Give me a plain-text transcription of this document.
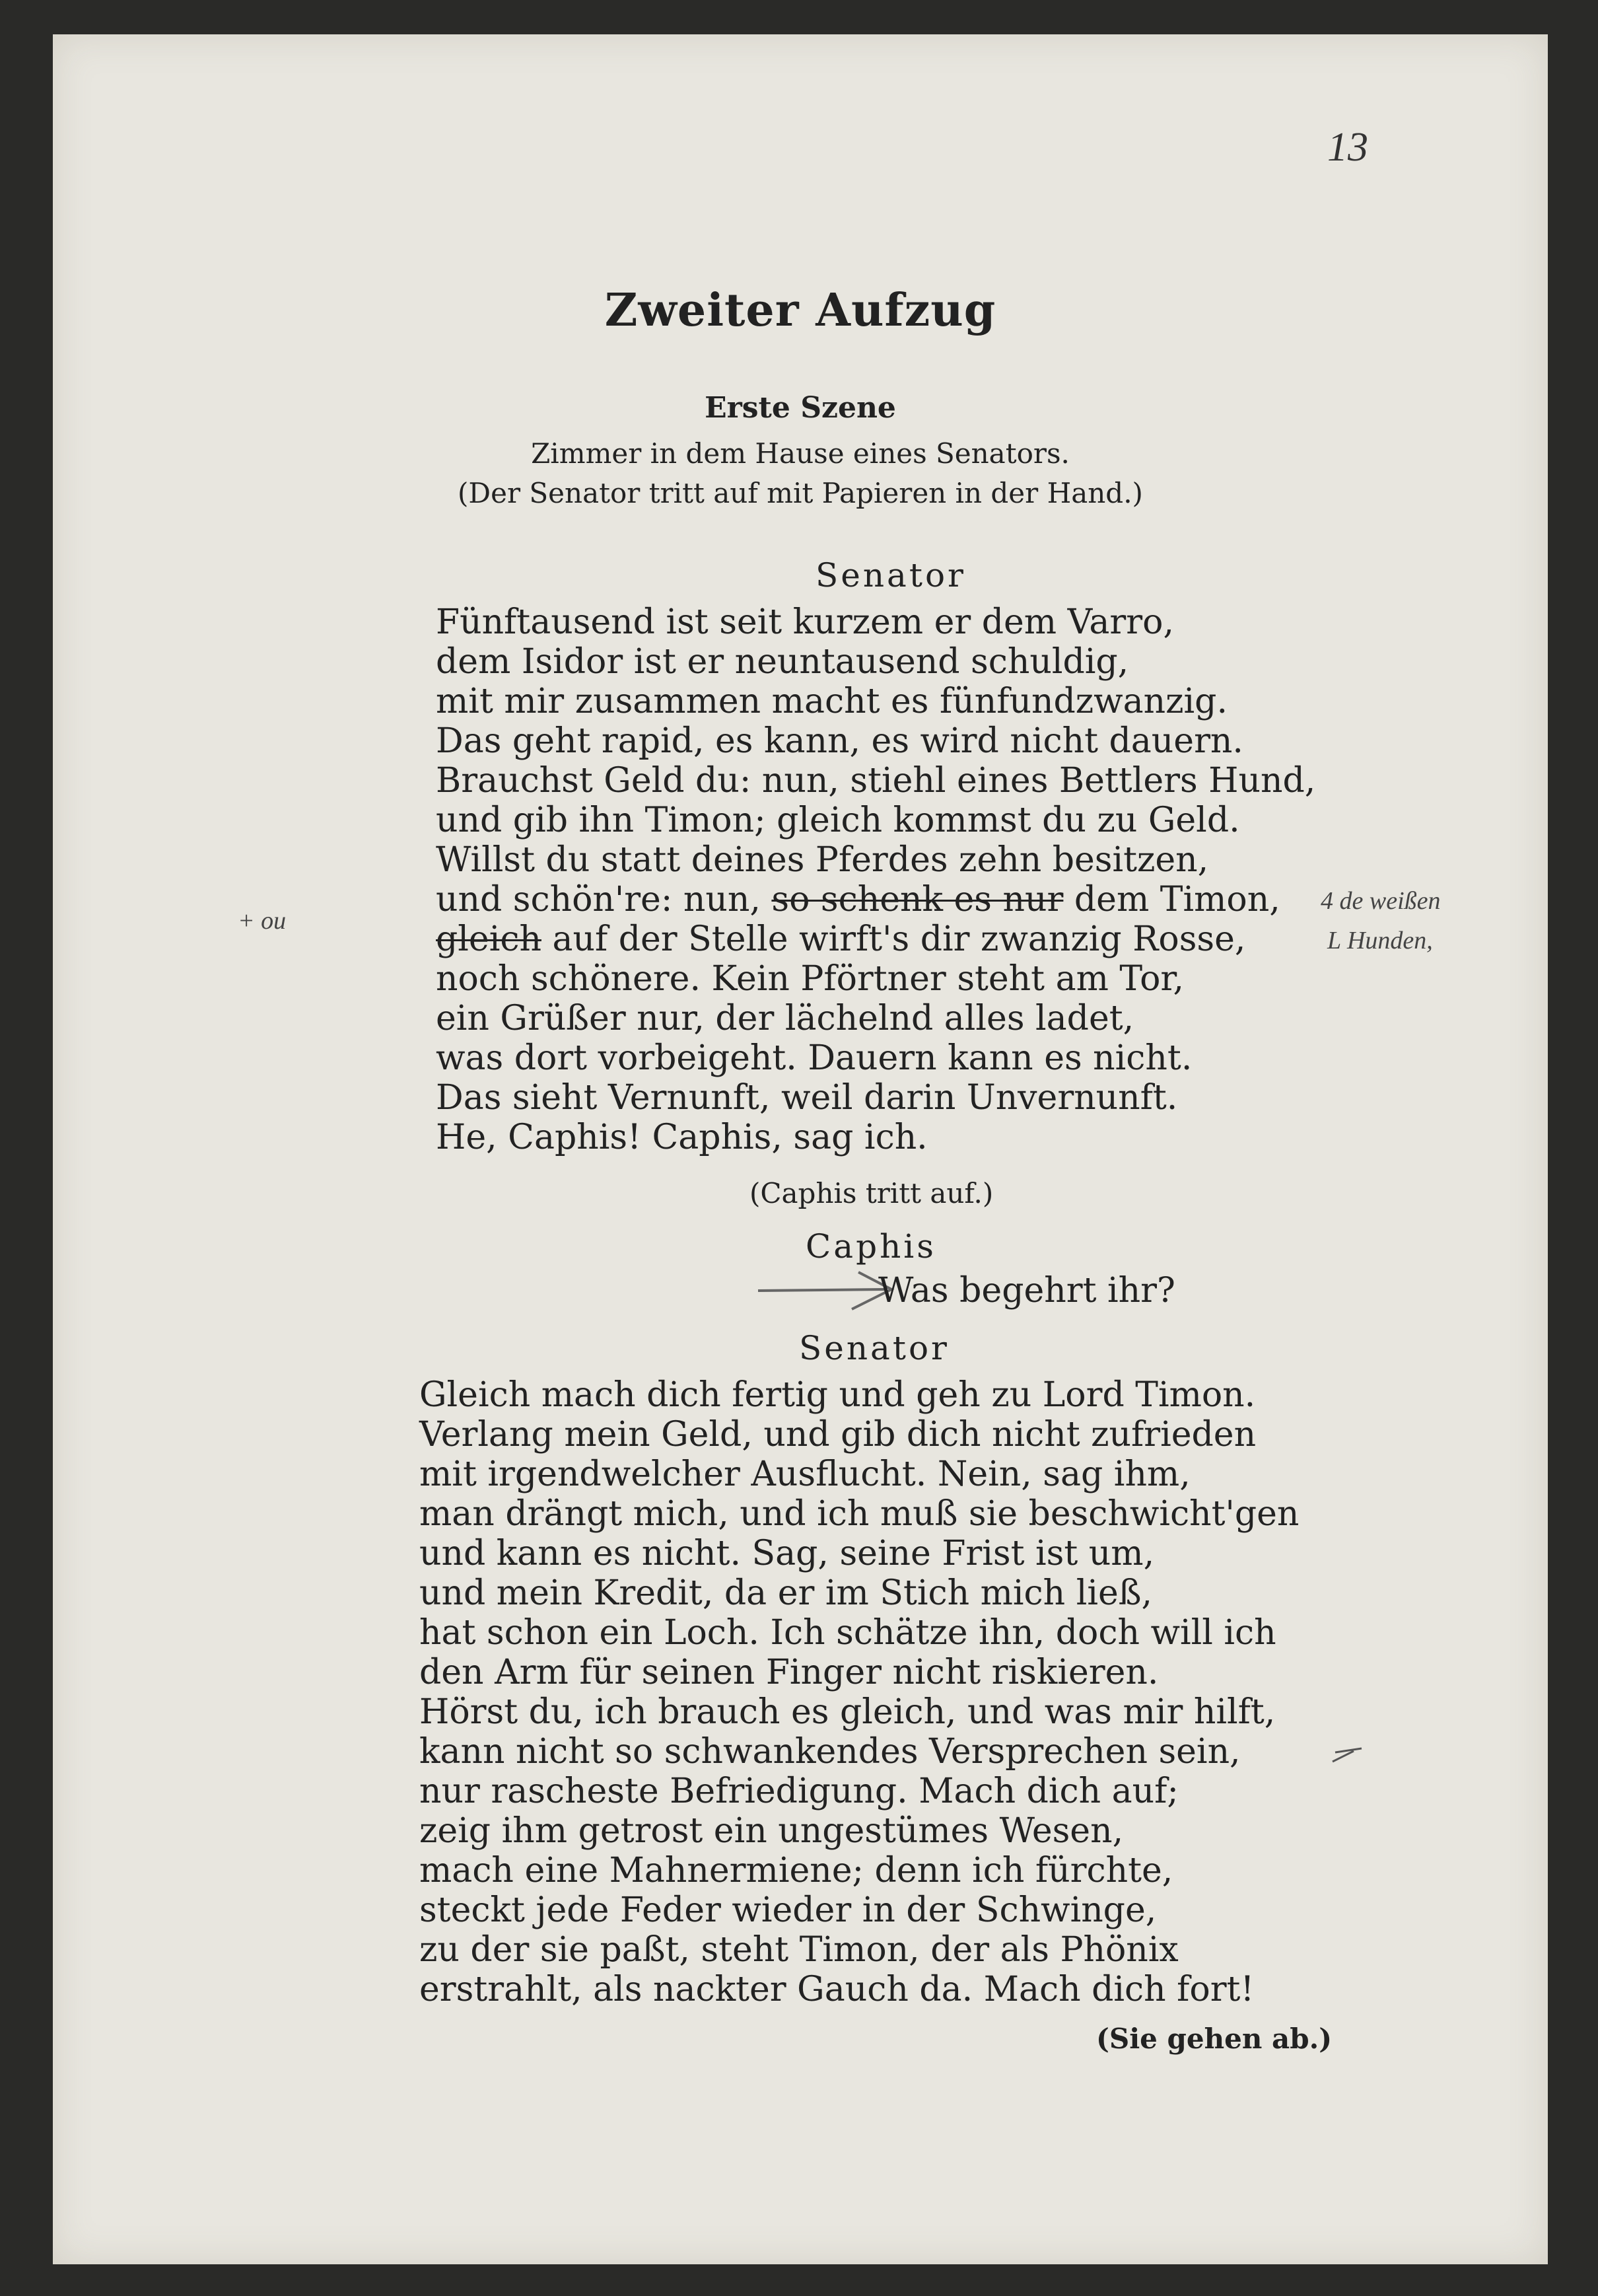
13
Zweiter Aufzug
Erste Szene
Zimmer in dem Hause eines Senators.
(Der Senator tritt auf mit Papieren in der Hand.)
Senator
Fünftausend ist seit kurzem er dem Varro,
dem Isidor ist er neuntausend schuldig,
mit mir zusammen macht es fünfundzwanzig.
Das geht rapid, es kann, es wird nicht dauern.
Brauchst Geld du: nun, stiehl eines Bettlers Hund,
und gib ihn Timon; gleich kommst du zu Geld.
Willst du statt deines Pferdes zehn besitzen,
und schön're: nun, so schenk es nur dem Timon,
gleich auf der Stelle wirft's dir zwanzig Rosse,
noch schönere. Kein Pförtner steht am Tor,
ein Grüßer nur, der lächelnd alles ladet,
was dort vorbeigeht. Dauern kann es nicht.
Das sieht Vernunft, weil darin Unvernunft.
He, Caphis! Caphis, sag ich.
+ ou
4 de weißen
L Hunden,
(Caphis tritt auf.)
Caphis
Was begehrt ihr?
Senator
Gleich mach dich fertig und geh zu Lord Timon.
Verlang mein Geld, und gib dich nicht zufrieden
mit irgendwelcher Ausflucht. Nein, sag ihm,
man drängt mich, und ich muß sie beschwicht'gen
und kann es nicht. Sag, seine Frist ist um,
und mein Kredit, da er im Stich mich ließ,
hat schon ein Loch. Ich schätze ihn, doch will ich
den Arm für seinen Finger nicht riskieren.
Hörst du, ich brauch es gleich, und was mir hilft,
kann nicht so schwankendes Versprechen sein,
nur rascheste Befriedigung. Mach dich auf;
zeig ihm getrost ein ungestümes Wesen,
mach eine Mahnermiene; denn ich fürchte,
steckt jede Feder wieder in der Schwinge,
zu der sie paßt, steht Timon, der als Phönix
erstrahlt, als nackter Gauch da. Mach dich fort!
(Sie gehen ab.)
